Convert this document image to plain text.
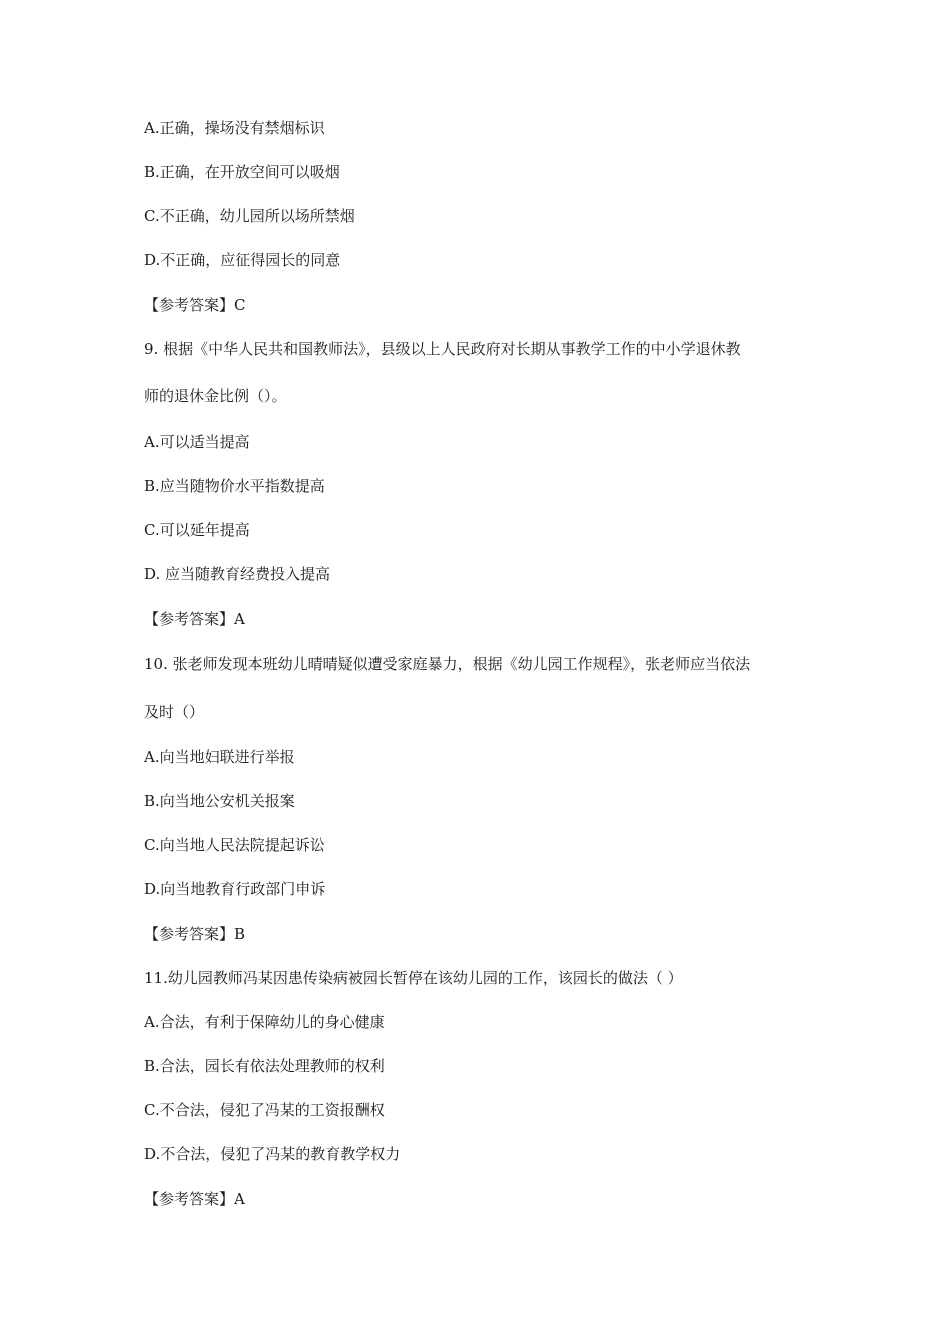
A.正确，操场没有禁烟标识
B.正确，在开放空间可以吸烟
C.不正确，幼儿园所以场所禁烟
D.不正确，应征得园长的同意
【参考答案】C
9. 根据《中华人民共和国教师法》，县级以上人民政府对长期从事教学工作的中小学退休教
师的退休金比例（）。
A.可以适当提高
B.应当随物价水平指数提高
C.可以延年提高
D. 应当随教育经费投入提高
【参考答案】A
10. 张老师发现本班幼儿晴晴疑似遭受家庭暴力，根据《幼儿园工作规程》，张老师应当依法
及时（）
A.向当地妇联进行举报
B.向当地公安机关报案
C.向当地人民法院提起诉讼
D.向当地教育行政部门申诉
【参考答案】B
11.幼儿园教师冯某因患传染病被园长暂停在该幼儿园的工作，该园长的做法（ ）
A.合法，有利于保障幼儿的身心健康
B.合法，园长有依法处理教师的权利
C.不合法，侵犯了冯某的工资报酬权
D.不合法，侵犯了冯某的教育教学权力
【参考答案】A
